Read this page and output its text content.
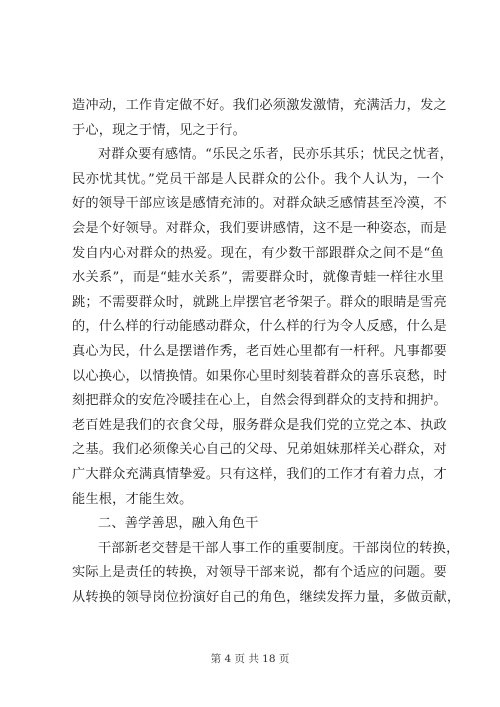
造冲动，工作肯定做不好。我们必须激发激情，充满活力，发之
于心，现之于情，见之于行。
对群众要有感情。“乐民之乐者，民亦乐其乐；忧民之忧者，
民亦忧其忧。”党员干部是人民群众的公仆。我个人认为，一个
好的领导干部应该是感情充沛的。对群众缺乏感情甚至冷漠，不
会是个好领导。对群众，我们要讲感情，这不是一种姿态，而是
发自内心对群众的热爱。现在，有少数干部跟群众之间不是“鱼
水关系”，而是“蛙水关系”，需要群众时，就像青蛙一样往水里
跳；不需要群众时，就跳上岸摆官老爷架子。群众的眼睛是雪亮
的，什么样的行动能感动群众，什么样的行为令人反感，什么是
真心为民，什么是摆谱作秀，老百姓心里都有一杆秤。凡事都要
以心换心，以情换情。如果你心里时刻装着群众的喜乐哀愁，时
刻把群众的安危冷暖挂在心上，自然会得到群众的支持和拥护。
老百姓是我们的衣食父母，服务群众是我们党的立党之本、执政
之基。我们必须像关心自己的父母、兄弟姐妹那样关心群众，对
广大群众充满真情挚爱。只有这样，我们的工作才有着力点，才
能生根，才能生效。
二、善学善思，融入角色干
干部新老交替是干部人事工作的重要制度。干部岗位的转换，
实际上是责任的转换，对领导干部来说，都有个适应的问题。要
从转换的领导岗位扮演好自己的角色，继续发挥力量，多做贡献，
第 4 页 共 18 页
